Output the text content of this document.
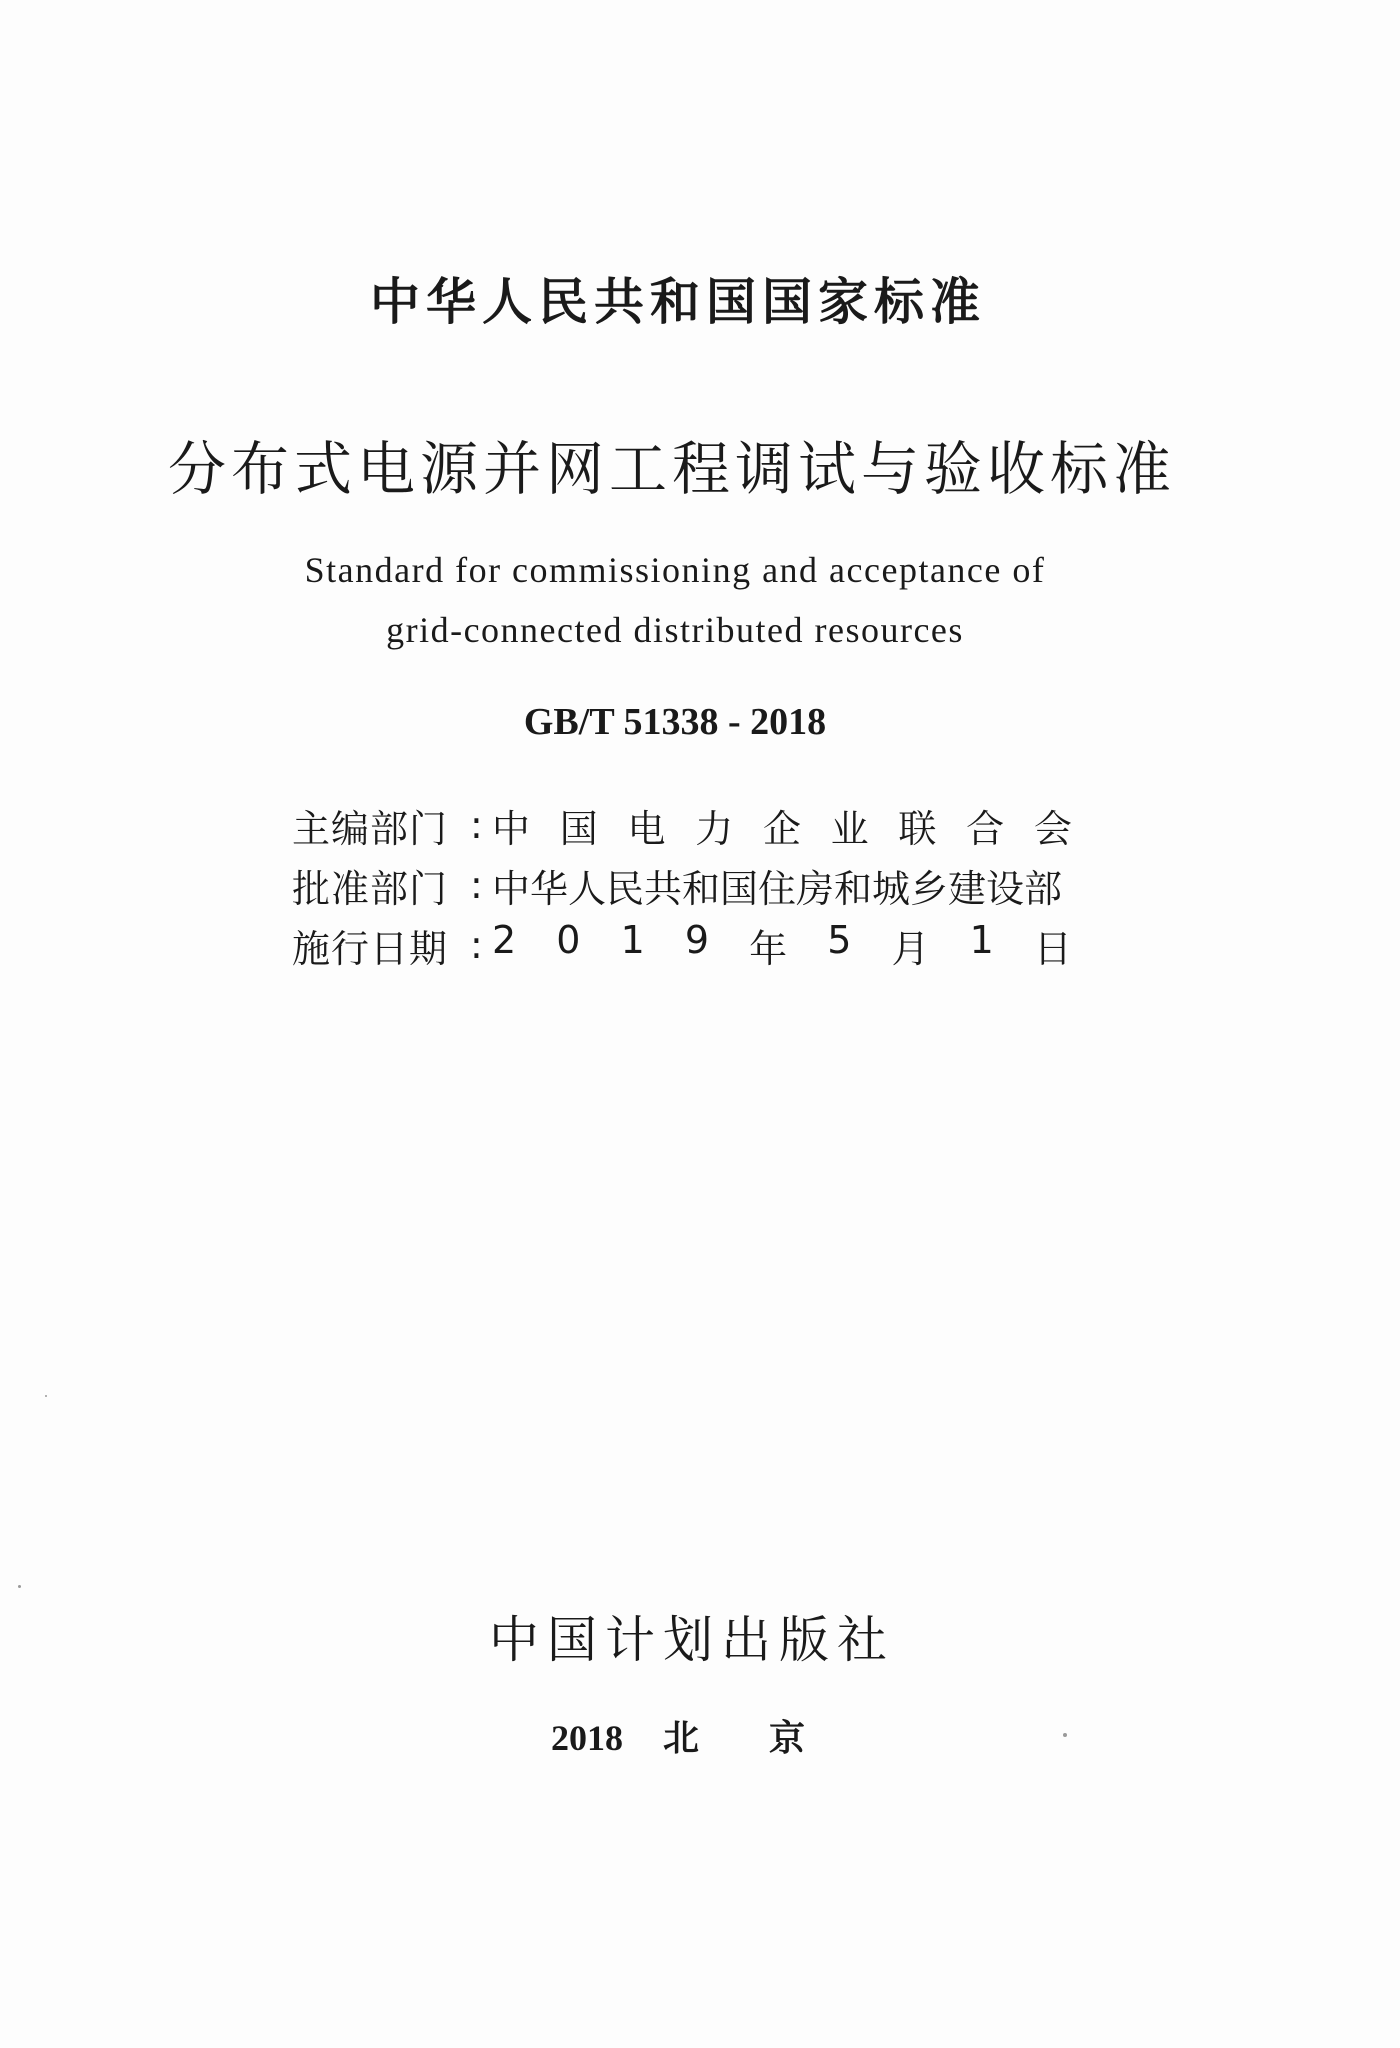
中华人民共和国国家标准
分布式电源并网工程调试与验收标准
Standard for commissioning and acceptance of
grid-connected distributed resources
GB/T 51338 - 2018
主编部门 : 中 国 电 力 企 业 联 合 会
批准部门 : 中华人民共和国住房和城乡建设部
施行日期 : 2 0 1 9 年 5 月 1 日
中国计划出版社
2018 北 京
